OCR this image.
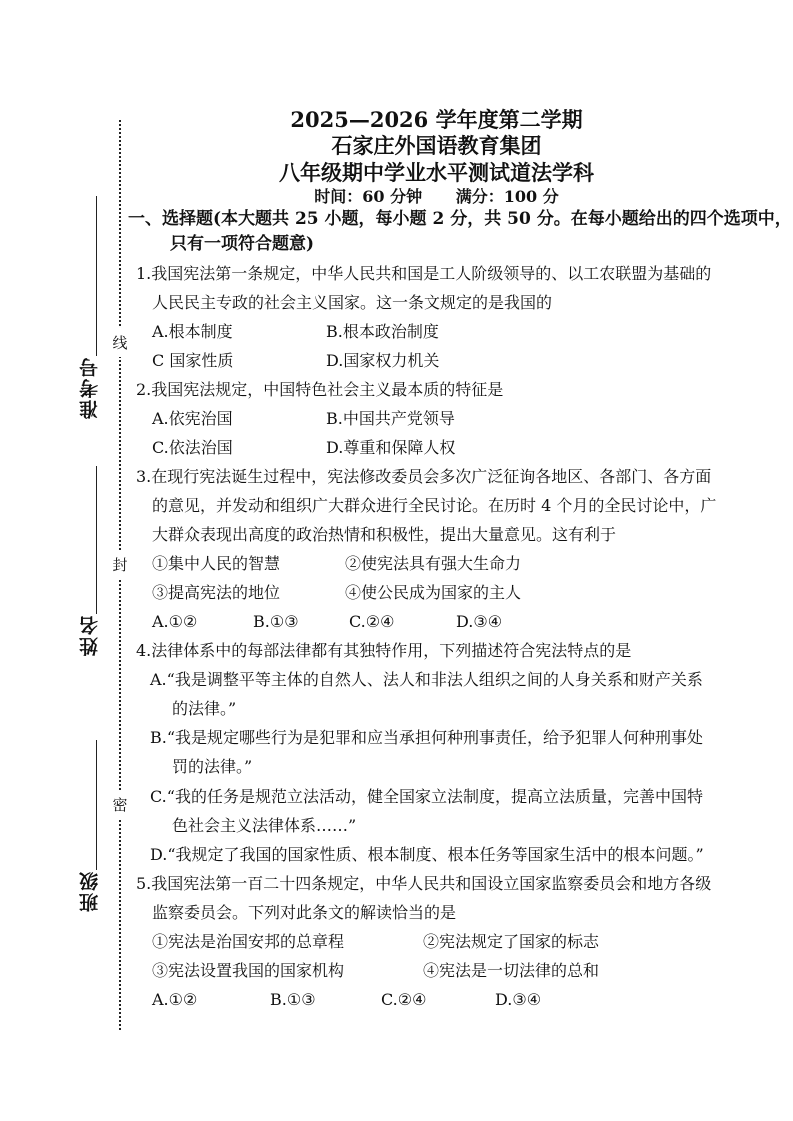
线
封
密
准考号
姓名
班级
2025—2026 学年度第二学期
石家庄外国语教育集团
八年级期中学业水平测试道法学科
时间：60 分钟 满分：100 分
一、选择题(本大题共 25 小题，每小题 2 分，共 50 分。在每小题给出的四个选项中，
只有一项符合题意)
1.我国宪法第一条规定，中华人民共和国是工人阶级领导的、以工农联盟为基础的
人民民主专政的社会主义国家。这一条文规定的是我国的
A.根本制度	B.根本政治制度
C 国家性质	D.国家权力机关
2.我国宪法规定，中国特色社会主义最本质的特征是
A.依宪治国	B.中国共产党领导
C.依法治国	D.尊重和保障人权
3.在现行宪法诞生过程中，宪法修改委员会多次广泛征询各地区、各部门、各方面
的意见，并发动和组织广大群众进行全民讨论。在历时 4 个月的全民讨论中，广
大群众表现出高度的政治热情和积极性，提出大量意见。这有利于
①集中人民的智慧	②使宪法具有强大生命力
③提高宪法的地位	④使公民成为国家的主人
A.①②	B.①③	C.②④	D.③④
4.法律体系中的每部法律都有其独特作用，下列描述符合宪法特点的是
A.“我是调整平等主体的自然人、法人和非法人组织之间的人身关系和财产关系
的法律。”
B.“我是规定哪些行为是犯罪和应当承担何种刑事责任，给予犯罪人何种刑事处
罚的法律。”
C.“我的任务是规范立法活动，健全国家立法制度，提高立法质量，完善中国特
色社会主义法律体系……”
D.“我规定了我国的国家性质、根本制度、根本任务等国家生活中的根本问题。”
5.我国宪法第一百二十四条规定，中华人民共和国设立国家监察委员会和地方各级
监察委员会。下列对此条文的解读恰当的是
①宪法是治国安邦的总章程	②宪法规定了国家的标志
③宪法设置我国的国家机构	④宪法是一切法律的总和
A.①②	B.①③	C.②④	D.③④
